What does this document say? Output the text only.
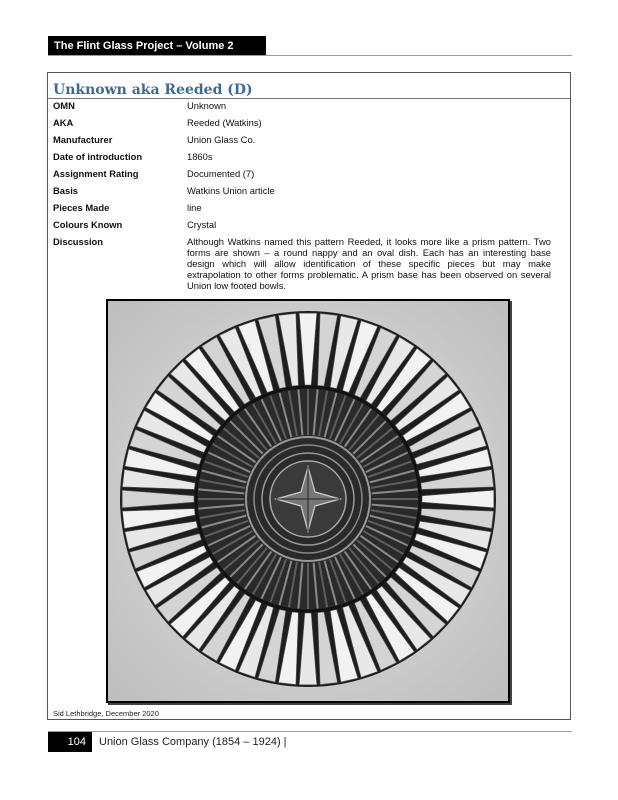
The Flint Glass Project – Volume 2
Unknown aka Reeded (D)
OMN	Unknown
AKA	Reeded (Watkins)
Manufacturer	Union Glass Co.
Date of introduction	1860s
Assignment Rating	Documented (7)
Basis	Watkins Union article
Pieces Made	line
Colours Known	Crystal
Discussion	Although Watkins named this pattern Reeded, it looks more like a prism pattern. Two forms are shown – a round nappy and an oval dish. Each has an interesting base design which will allow identification of these specific pieces but may make extrapolation to other forms problematic. A prism base has been observed on several Union low footed bowls.
Sid Lethbridge, December 2020
104	Union Glass Company (1854 – 1924) |
